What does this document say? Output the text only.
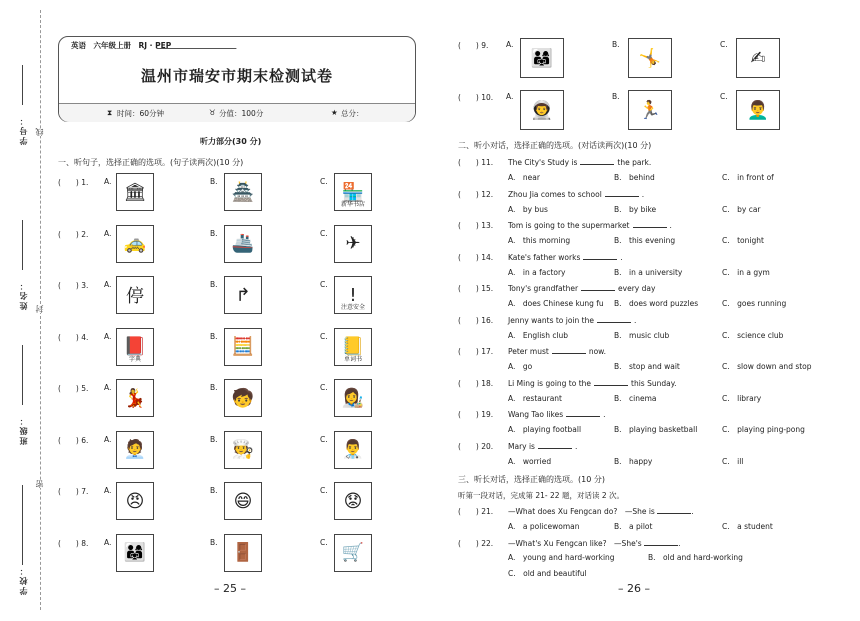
学号：
姓名：
班级：
学校：
线
封
密
英语　六年级上册　RJ · PEP
温州市瑞安市期末检测试卷
⧗ 时间：60分钟	♉ 分值：100分	★ 总分：
听力部分(30 分)
一、听句子，选择正确的选项。(句子读两次)(10 分)
(　　) 1. A. 🏛	B. 🏯	C. 🏪
新华书店
(　　) 2. A. 🚕	B. 🚢	C. ✈
(　　) 3. A.
停
B. ↱	C. !
注意安全
(　　) 4. A. 📕
字典
B. 🧮	C. 📒
单词书
(　　) 5. A. 💃	B. 🧒	C. 👩‍🎨
(　　) 6. A. 🧑‍💼	B. 🧑‍🍳	C. 👨‍⚕️
(　　) 7. A. 😠	B. 😄	C. 😟
(　　) 8. A. 👨‍👩‍👧	B. 🚪	C. 🛒
– 25 –
(　　) 9. A.
👨‍👩‍👧
B.
🤸
C.
✍
(　　) 10. A.
👨‍🚀
B.
🏃
C.
👨‍🦱
二、听小对话，选择正确的选项。(对话读两次)(10 分)
(　　) 11. The City's Study is	the park.
A.　near	B.　behind	C.　in front of
(　　) 12. Zhou Jia comes to school	.
A.　by bus	B.　by bike	C.　by car
(　　) 13. Tom is going to the supermarket	.
A.　this morning	B.　this evening	C.　tonight
(　　) 14. Kate's father works	.
A.　in a factory	B.　in a university	C.　in a gym
(　　) 15. Tony's grandfather	every day
A.　does Chinese kung fu B.　does word puzzles	C.　goes running
(　　) 16. Jenny wants to join the	.
A.　English club	B.　music club	C.　science club
(　　) 17. Peter must	now.
A.　go	B.　stop and wait	C.　slow down and stop
(　　) 18. Li Ming is going to the	this Sunday.
A.　restaurant	B.　cinema	C.　library
(　　) 19. Wang Tao likes	.
A.　playing football	B.　playing basketball	C.　playing ping-pong
(　　) 20. Mary is	.
A.　worried	B.　happy	C.　ill
三、听长对话，选择正确的选项。(10 分)
听第一段对话，完成第 21- 22 题，对话读 2 次。
(　　) 21. —What does Xu Fengcan do?　—She is	.
A.　a policewoman	B.　a pilot	C.　a student
(　　) 22. —What's Xu Fengcan like?　—She's	.
A.　young and hard-working	B.　old and hard-working
C.　old and beautiful
– 26 –
